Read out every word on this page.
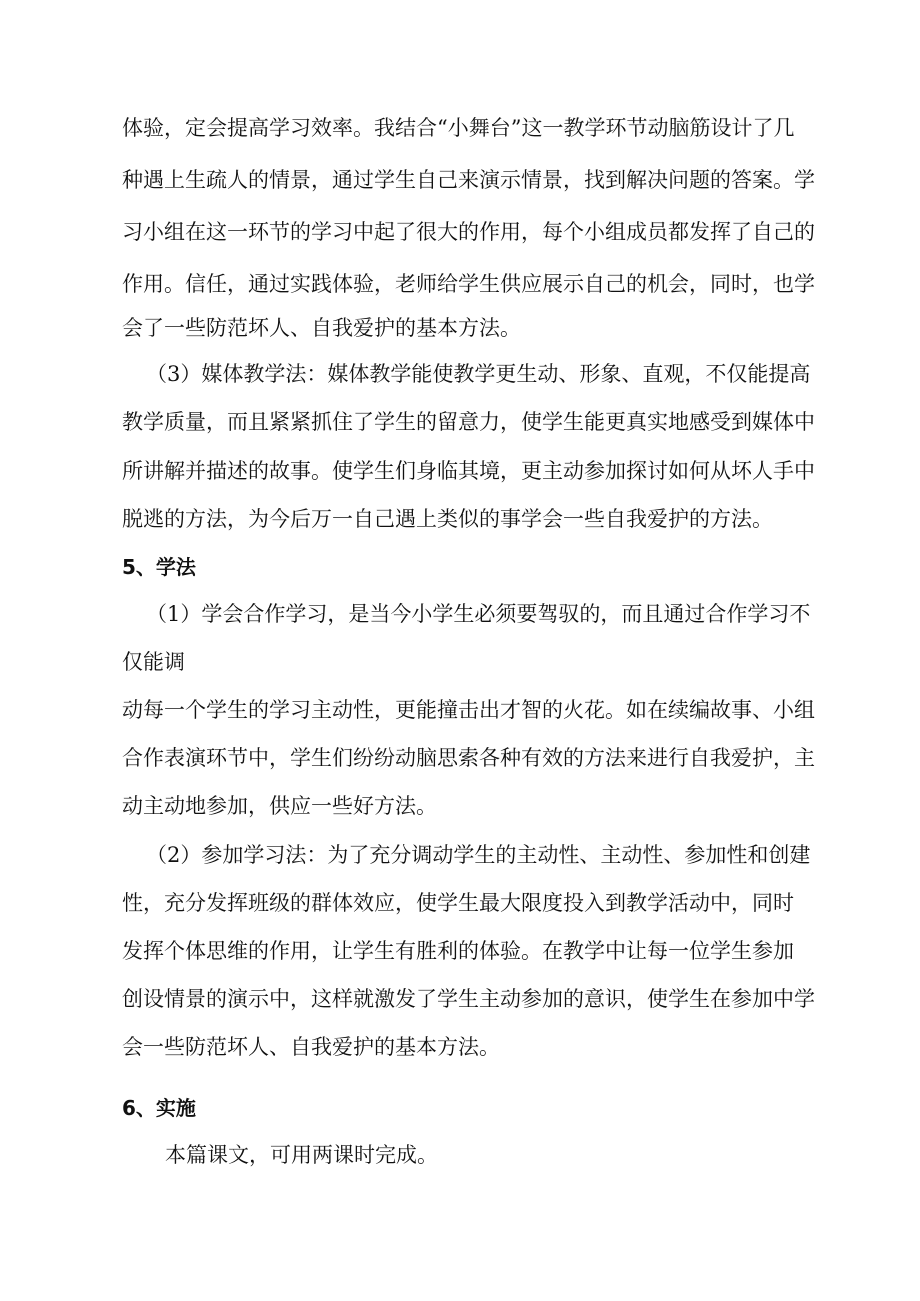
体验，定会提高学习效率。我结合“小舞台”这一教学环节动脑筋设计了几
种遇上生疏人的情景，通过学生自己来演示情景，找到解决问题的答案。学
习小组在这一环节的学习中起了很大的作用，每个小组成员都发挥了自己的
作用。信任，通过实践体验，老师给学生供应展示自己的机会，同时，也学
会了一些防范坏人、自我爱护的基本方法。
（3）媒体教学法：媒体教学能使教学更生动、形象、直观，不仅能提高
教学质量，而且紧紧抓住了学生的留意力，使学生能更真实地感受到媒体中
所讲解并描述的故事。使学生们身临其境，更主动参加探讨如何从坏人手中
脱逃的方法，为今后万一自己遇上类似的事学会一些自我爱护的方法。
5、学法
（1）学会合作学习，是当今小学生必须要驾驭的，而且通过合作学习不
仅能调
动每一个学生的学习主动性，更能撞击出才智的火花。如在续编故事、小组
合作表演环节中，学生们纷纷动脑思索各种有效的方法来进行自我爱护，主
动主动地参加，供应一些好方法。
（2）参加学习法：为了充分调动学生的主动性、主动性、参加性和创建
性，充分发挥班级的群体效应，使学生最大限度投入到教学活动中，同时
发挥个体思维的作用，让学生有胜利的体验。在教学中让每一位学生参加
创设情景的演示中，这样就激发了学生主动参加的意识，使学生在参加中学
会一些防范坏人、自我爱护的基本方法。
6、实施
本篇课文，可用两课时完成。
